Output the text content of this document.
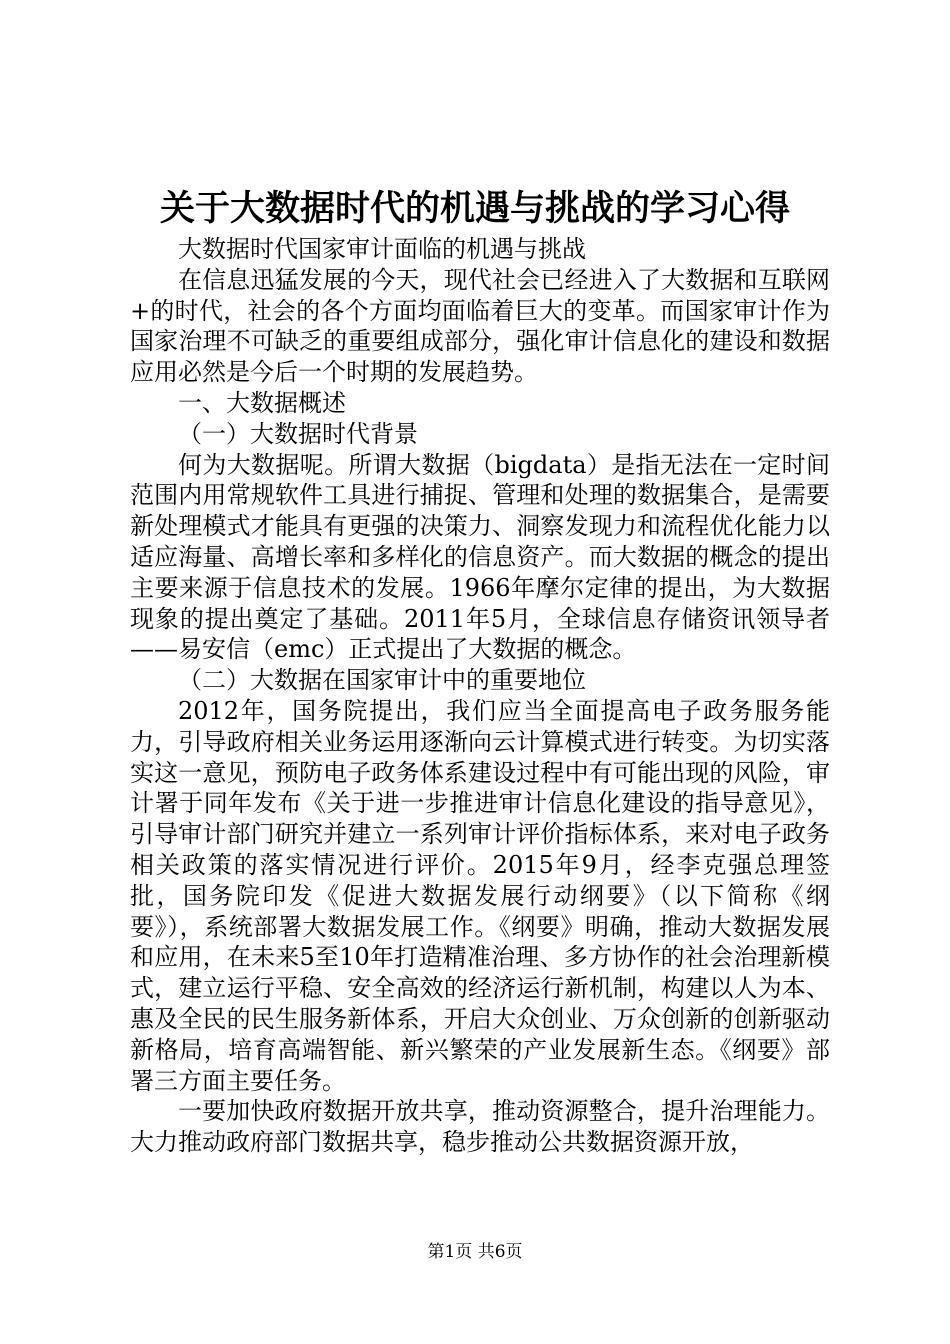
关于大数据时代的机遇与挑战的学习心得

大数据时代国家审计面临的机遇与挑战

在信息迅猛发展的今天，现代社会已经进入了大数据和互联网+的时代，社会的各个方面均面临着巨大的变革。而国家审计作为国家治理不可缺乏的重要组成部分，强化审计信息化的建设和数据应用必然是今后一个时期的发展趋势。

一、大数据概述

（一）大数据时代背景

何为大数据呢。所谓大数据（bigdata）是指无法在一定时间范围内用常规软件工具进行捕捉、管理和处理的数据集合，是需要新处理模式才能具有更强的决策力、洞察发现力和流程优化能力以适应海量、高增长率和多样化的信息资产。而大数据的概念的提出主要来源于信息技术的发展。1966年摩尔定律的提出，为大数据现象的提出奠定了基础。2011年5月，全球信息存储资讯领导者——易安信（emc）正式提出了大数据的概念。

（二）大数据在国家审计中的重要地位

2012年，国务院提出，我们应当全面提高电子政务服务能力，引导政府相关业务运用逐渐向云计算模式进行转变。为切实落实这一意见，预防电子政务体系建设过程中有可能出现的风险，审计署于同年发布《关于进一步推进审计信息化建设的指导意见》，引导审计部门研究并建立一系列审计评价指标体系，来对电子政务相关政策的落实情况进行评价。2015年9月，经李克强总理签批，国务院印发《促进大数据发展行动纲要》（以下简称《纲要》），系统部署大数据发展工作。《纲要》明确，推动大数据发展和应用，在未来5至10年打造精准治理、多方协作的社会治理新模式，建立运行平稳、安全高效的经济运行新机制，构建以人为本、惠及全民的民生服务新体系，开启大众创业、万众创新的创新驱动新格局，培育高端智能、新兴繁荣的产业发展新生态。《纲要》部署三方面主要任务。

一要加快政府数据开放共享，推动资源整合，提升治理能力。大力推动政府部门数据共享，稳步推动公共数据资源开放，

第1页 共6页
